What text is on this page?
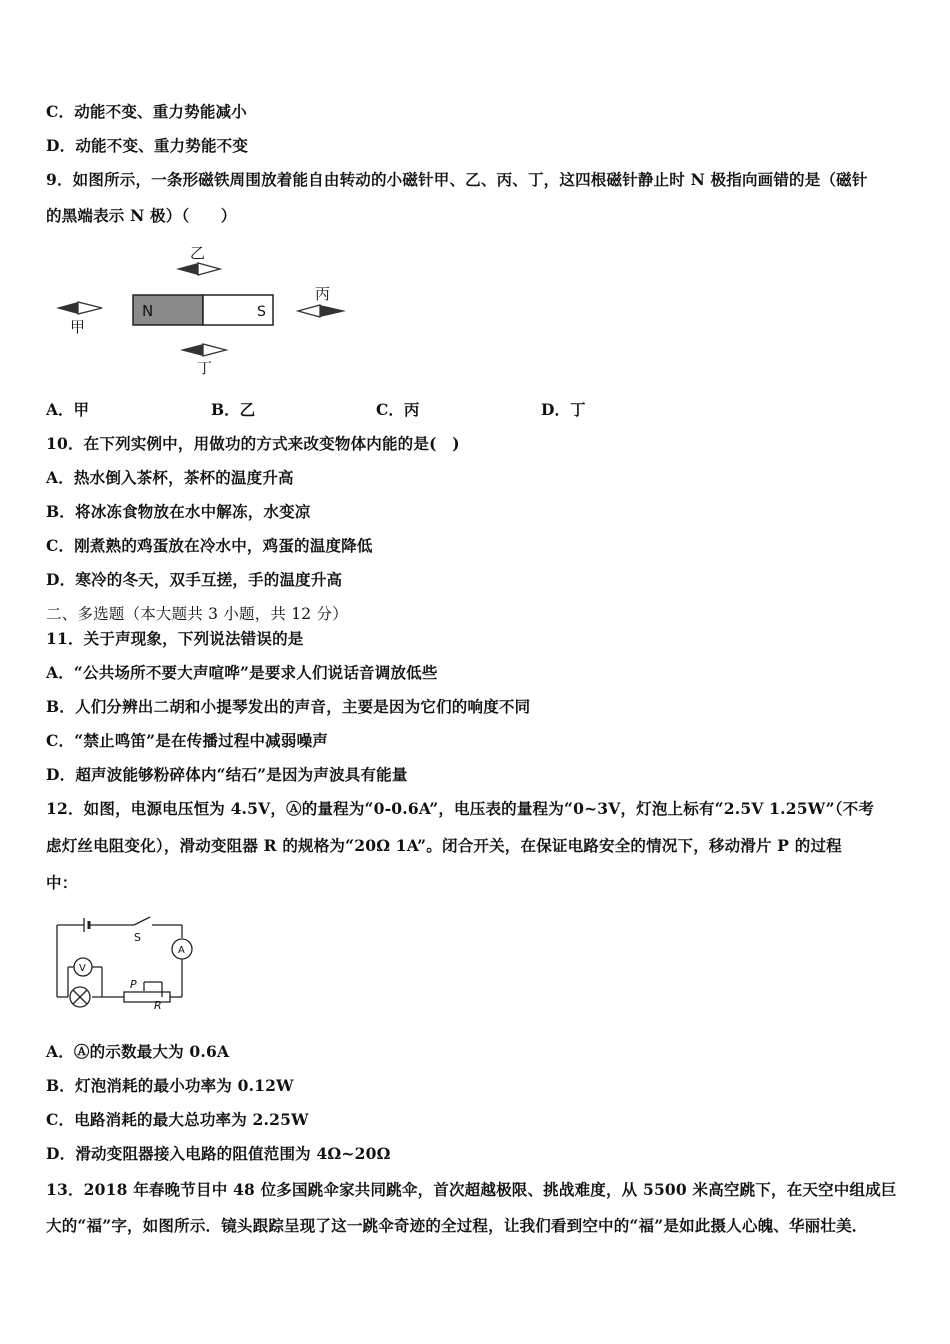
C．动能不变、重力势能减小
D．动能不变、重力势能不变
9．如图所示，一条形磁铁周围放着能自由转动的小磁针甲、乙、丙、丁，这四根磁针静止时 N 极指向画错的是（磁针
的黑端表示 N 极）（　　）
N	S
乙
甲
丙
丁
A．甲	B．乙	C．丙	D．丁
10．在下列实例中，用做功的方式来改变物体内能的是(　)
A．热水倒入茶杯，茶杯的温度升高
B．将冰冻食物放在水中解冻，水变凉
C．刚煮熟的鸡蛋放在冷水中，鸡蛋的温度降低
D．寒冷的冬天，双手互搓，手的温度升高
二、多选题（本大题共 3 小题，共 12 分）
11．关于声现象，下列说法错误的是
A．“公共场所不要大声喧哗”是要求人们说话音调放低些
B．人们分辨出二胡和小提琴发出的声音，主要是因为它们的响度不同
C．“禁止鸣笛”是在传播过程中减弱噪声
D．超声波能够粉碎体内“结石”是因为声波具有能量
12．如图，电源电压恒为 4.5V，Ⓐ的量程为“0-0.6A”，电压表的量程为“0~3V，灯泡上标有“2.5V 1.25W”（不考
虑灯丝电阻变化），滑动变阻器 R 的规格为“20Ω 1A”。闭合开关，在保证电路安全的情况下，移动滑片 P 的过程
中：
S
A
V
P
R
A．Ⓐ的示数最大为 0.6A
B．灯泡消耗的最小功率为 0.12W
C．电路消耗的最大总功率为 2.25W
D．滑动变阻器接入电路的阻值范围为 4Ω~20Ω
13．2018 年春晚节目中 48 位多国跳伞家共同跳伞，首次超越极限、挑战难度，从 5500 米高空跳下，在天空中组成巨
大的“福”字，如图所示．镜头跟踪呈现了这一跳伞奇迹的全过程，让我们看到空中的“福”是如此摄人心魄、华丽壮美．
